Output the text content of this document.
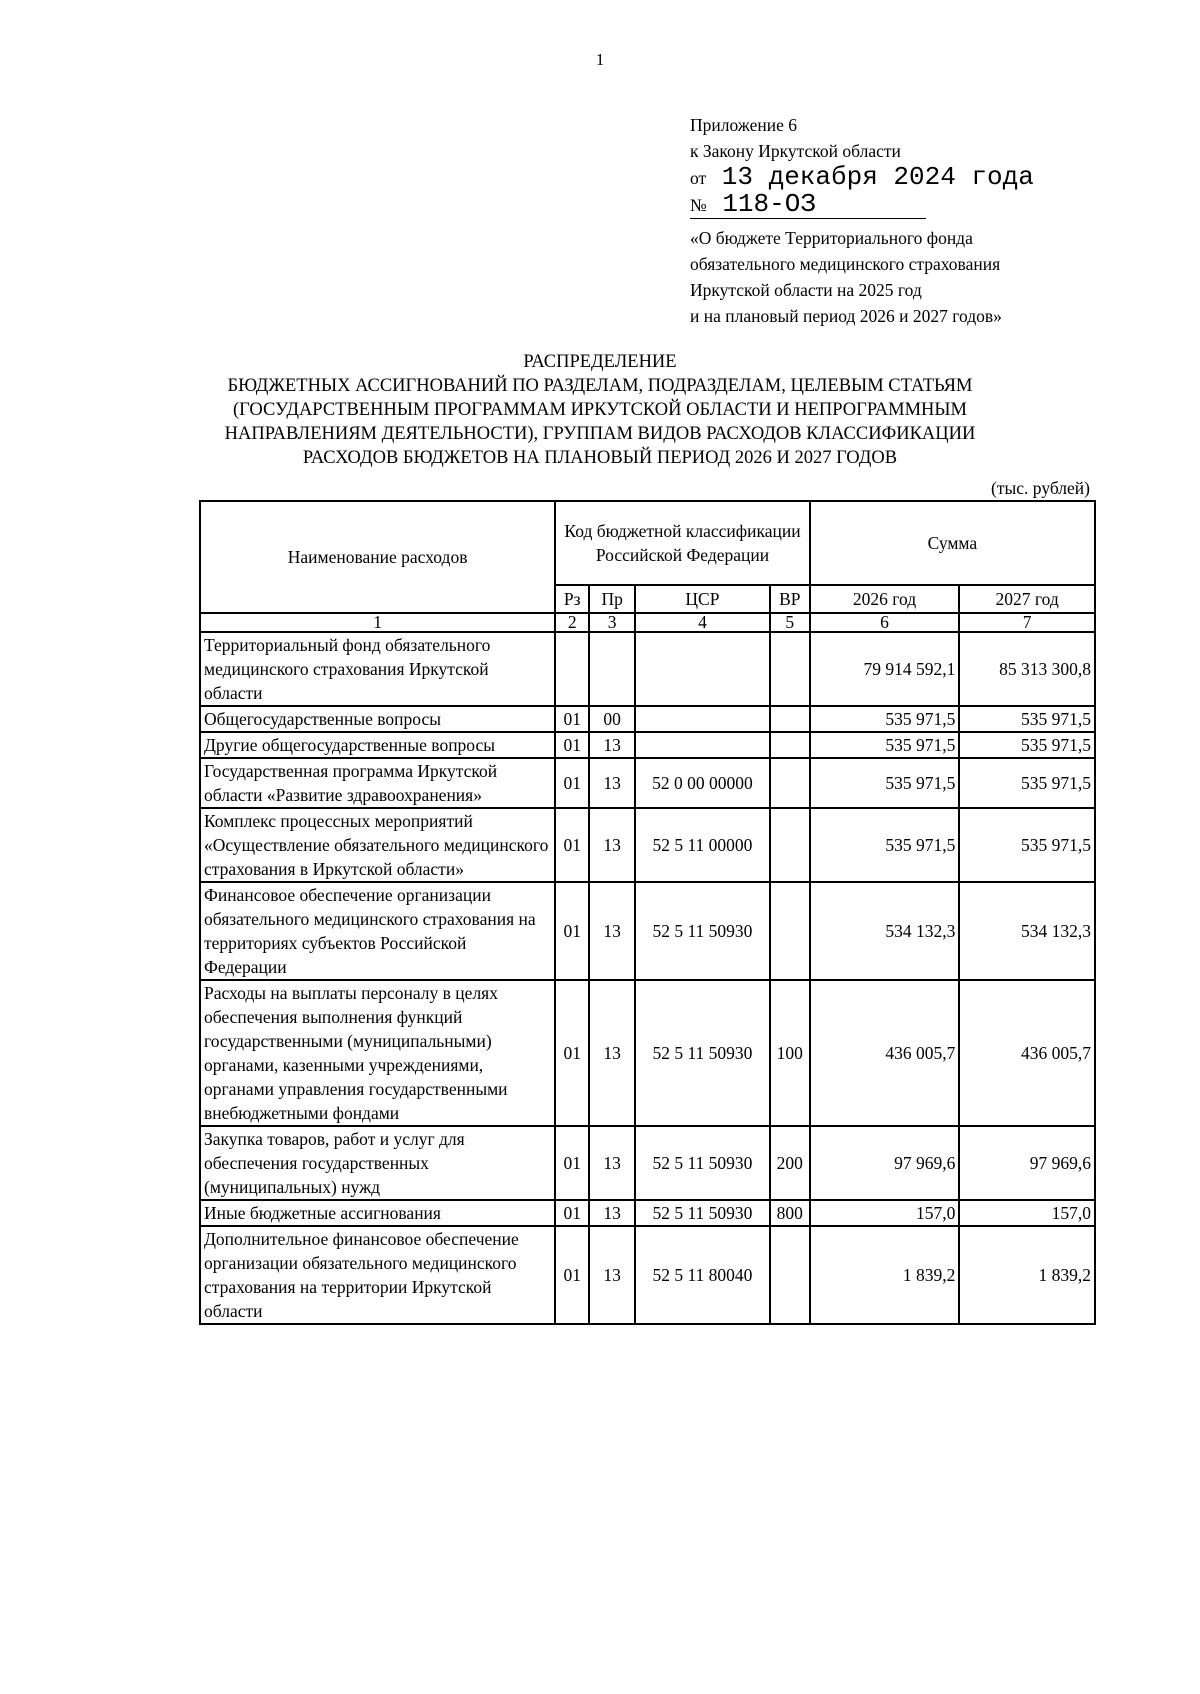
1
Приложение 6
к Закону Иркутской области
от 13 декабря 2024 года
№ 118-ОЗ
«О бюджете Территориального фонда
обязательного медицинского страхования
Иркутской области на 2025 год
и на плановый период 2026 и 2027 годов»
РАСПРЕДЕЛЕНИЕ
БЮДЖЕТНЫХ АССИГНОВАНИЙ ПО РАЗДЕЛАМ, ПОДРАЗДЕЛАМ, ЦЕЛЕВЫМ СТАТЬЯМ
(ГОСУДАРСТВЕННЫМ ПРОГРАММАМ ИРКУТСКОЙ ОБЛАСТИ И НЕПРОГРАММНЫМ
НАПРАВЛЕНИЯМ ДЕЯТЕЛЬНОСТИ), ГРУППАМ ВИДОВ РАСХОДОВ КЛАССИФИКАЦИИ
РАСХОДОВ БЮДЖЕТОВ НА ПЛАНОВЫЙ ПЕРИОД 2026 И 2027 ГОДОВ
(тыс. рублей)
Наименование расходов	Код бюджетной классификации Российской Федерации				Сумма	
	Рз	Пр	ЦСР	ВР	2026 год	2027 год
1	2	3	4	5	6	7
Территориальный фонд обязательного медицинского страхования Иркутской области					79 914 592,1	85 313 300,8
Общегосударственные вопросы	01	00			535 971,5	535 971,5
Другие общегосударственные вопросы	01	13			535 971,5	535 971,5
Государственная программа Иркутской области «Развитие здравоохранения»	01	13	52 0 00 00000		535 971,5	535 971,5
Комплекс процессных мероприятий «Осуществление обязательного медицинского страхования в Иркутской области»	01	13	52 5 11 00000		535 971,5	535 971,5
Финансовое обеспечение организации обязательного медицинского страхования на территориях субъектов Российской Федерации	01	13	52 5 11 50930		534 132,3	534 132,3
Расходы на выплаты персоналу в целях обеспечения выполнения функций государственными (муниципальными) органами, казенными учреждениями, органами управления государственными внебюджетными фондами	01	13	52 5 11 50930	100	436 005,7	436 005,7
Закупка товаров, работ и услуг для обеспечения государственных (муниципальных) нужд	01	13	52 5 11 50930	200	97 969,6	97 969,6
Иные бюджетные ассигнования	01	13	52 5 11 50930	800	157,0	157,0
Дополнительное финансовое обеспечение организации обязательного медицинского страхования на территории Иркутской области	01	13	52 5 11 80040		1 839,2	1 839,2
